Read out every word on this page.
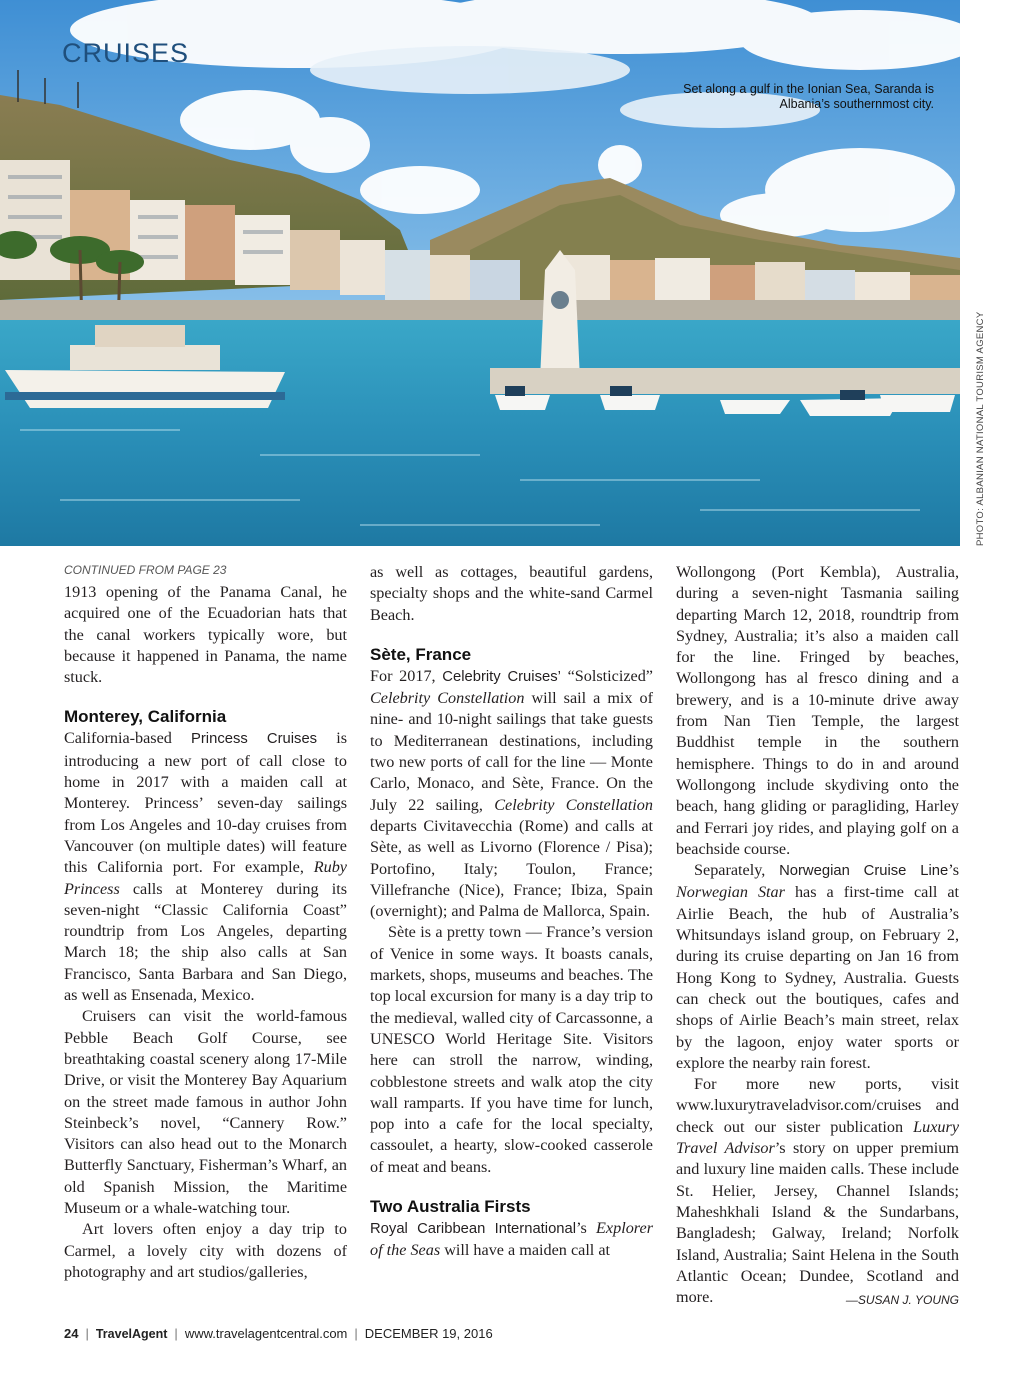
CRUISES
Set along a gulf in the Ionian Sea, Saranda is Albania’s southernmost city.
PHOTO: ALBANIAN NATIONAL TOURISM AGENCY
CONTINUED FROM PAGE 23

1913 opening of the Panama Canal, he acquired one of the Ecuadorian hats that the canal workers typically wore, but because it happened in Panama, the name stuck.

Monterey, California

California-based Princess Cruises is introducing a new port of call close to home in 2017 with a maiden call at Monterey. Princess’ seven-day sailings from Los Angeles and 10-day cruises from Vancouver (on multiple dates) will feature this California port. For example, Ruby Princess calls at Monterey during its seven-night “Classic California Coast” roundtrip from Los Angeles, departing March 18; the ship also calls at San Francisco, Santa Barbara and San Diego, as well as Ensenada, Mexico.

Cruisers can visit the world-famous Pebble Beach Golf Course, see breathtaking coastal scenery along 17-Mile Drive, or visit the Monterey Bay Aquarium on the street made famous in author John Steinbeck’s novel, “Cannery Row.” Visitors can also head out to the Monarch Butterfly Sanctuary, Fisherman’s Wharf, an old Spanish Mission, the Maritime Museum or a whale-watching tour.

Art lovers often enjoy a day trip to Carmel, a lovely city with dozens of photography and art studios/galleries,

as well as cottages, beautiful gardens, specialty shops and the white-sand Carmel Beach.

Sète, France

For 2017, Celebrity Cruises’ “Solsticized” Celebrity Constellation will sail a mix of nine- and 10-night sailings that take guests to Mediterranean destinations, including two new ports of call for the line — Monte Carlo, Monaco, and Sète, France. On the July 22 sailing, Celebrity Constellation departs Civitavecchia (Rome) and calls at Sète, as well as Livorno (Florence / Pisa); Portofino, Italy; Toulon, France; Villefranche (Nice), France; Ibiza, Spain (overnight); and Palma de Mallorca, Spain.

Sète is a pretty town — France’s version of Venice in some ways. It boasts canals, markets, shops, museums and beaches. The top local excursion for many is a day trip to the medieval, walled city of Carcassonne, a UNESCO World Heritage Site. Visitors here can stroll the narrow, winding, cobblestone streets and walk atop the city wall ramparts. If you have time for lunch, pop into a cafe for the local specialty, cassoulet, a hearty, slow-cooked casserole of meat and beans.

Two Australia Firsts

Royal Caribbean International’s Explorer of the Seas will have a maiden call at

Wollongong (Port Kembla), Australia, during a seven-night Tasmania sailing departing March 12, 2018, roundtrip from Sydney, Australia; it’s also a maiden call for the line. Fringed by beaches, Wollongong has al fresco dining and a brewery, and is a 10-minute drive away from Nan Tien Temple, the largest Buddhist temple in the southern hemisphere. Things to do in and around Wollongong include skydiving onto the beach, hang gliding or paragliding, Harley and Ferrari joy rides, and playing golf on a beachside course.

Separately, Norwegian Cruise Line’s Norwegian Star has a first-time call at Airlie Beach, the hub of Australia’s Whitsundays island group, on February 2, during its cruise departing on Jan 16 from Hong Kong to Sydney, Australia. Guests can check out the boutiques, cafes and shops of Airlie Beach’s main street, relax by the lagoon, enjoy water sports or explore the nearby rain forest.

For more new ports, visit www.luxurytraveladvisor.com/cruises and check out our sister publication Luxury Travel Advisor’s story on upper premium and luxury line maiden calls. These include St. Helier, Jersey, Channel Islands; Maheshkhali Island & the Sundarbans, Bangladesh; Galway, Ireland; Norfolk Island, Australia; Saint Helena in the South Atlantic Ocean; Dundee, Scotland and more.	—SUSAN J. YOUNG

24 | TravelAgent | www.travelagentcentral.com | DECEMBER 19, 2016
